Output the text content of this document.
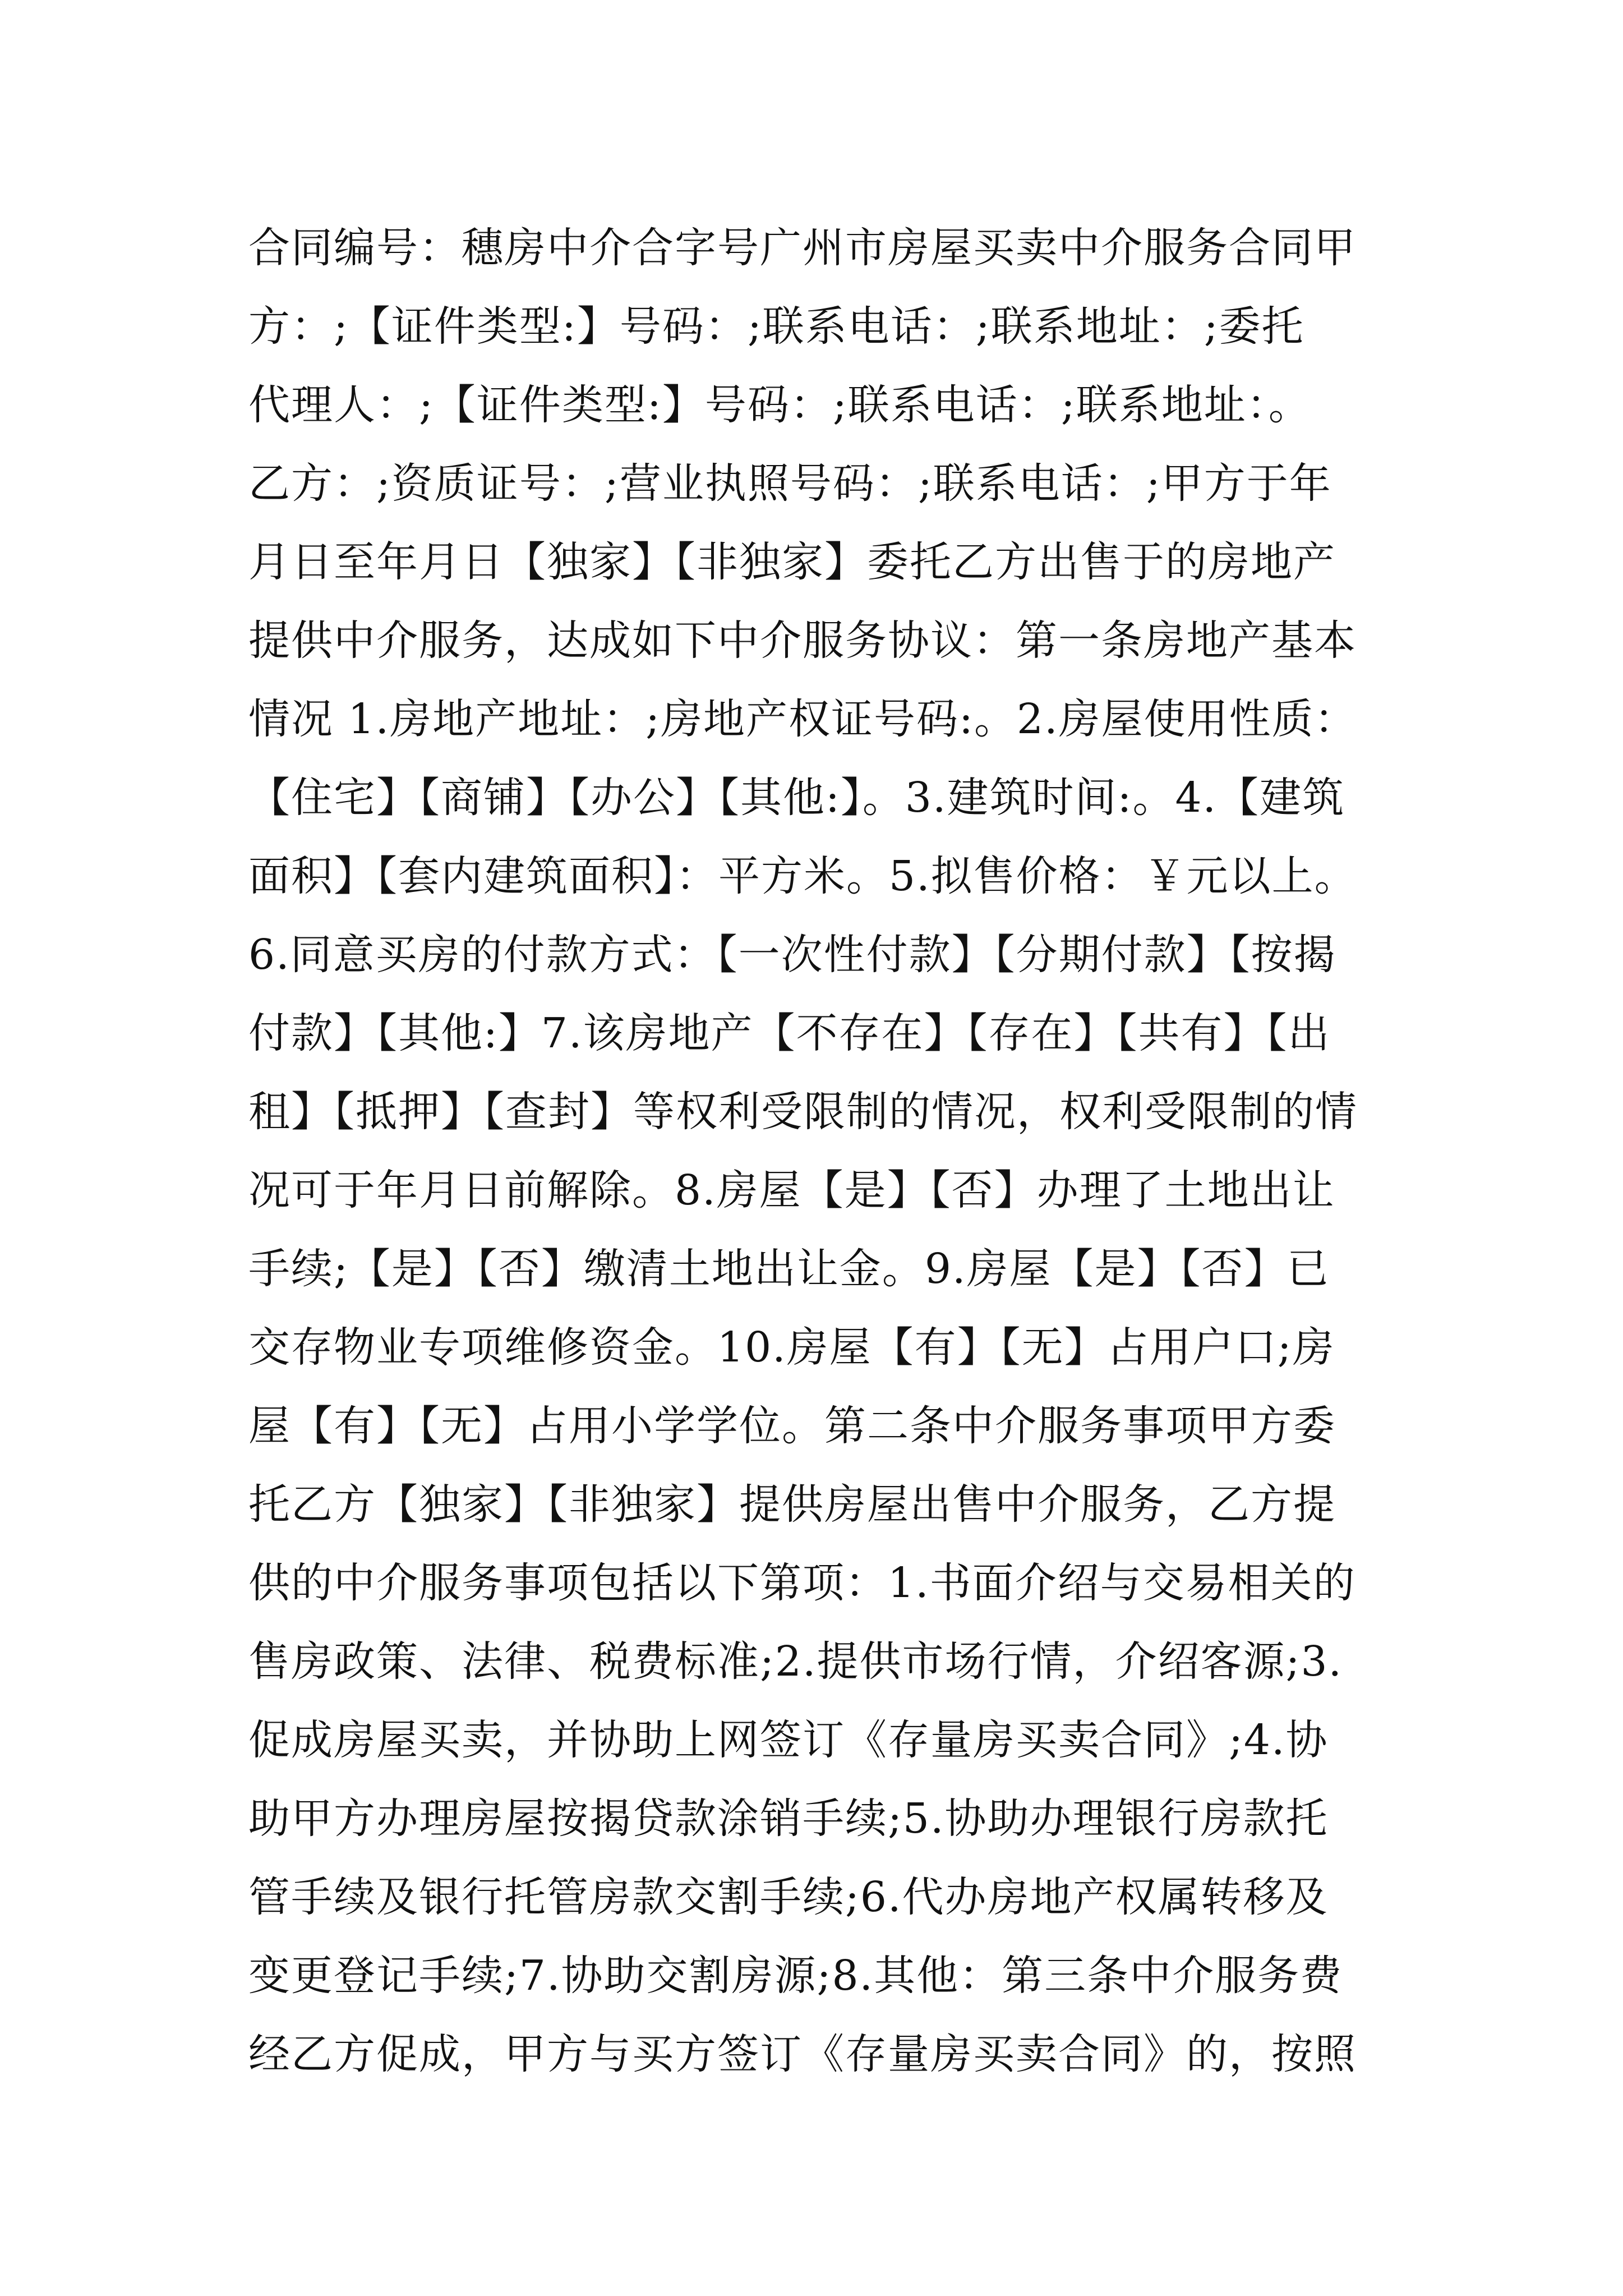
合同编号：穗房中介合字号广州市房屋买卖中介服务合同甲
方：;【证件类型:】号码：;联系电话：;联系地址：;委托
代理人：;【证件类型:】号码：;联系电话：;联系地址：。
乙方：;资质证号：;营业执照号码：;联系电话：;甲方于年
月日至年月日【独家】【非独家】委托乙方出售于的房地产
提供中介服务，达成如下中介服务协议：第一条房地产基本
情况 1.房地产地址：;房地产权证号码:。2.房屋使用性质：
【住宅】【商铺】【办公】【其他:】。3.建筑时间:。4.【建筑
面积】【套内建筑面积】：平方米。5.拟售价格：￥元以上。
6.同意买房的付款方式：【一次性付款】【分期付款】【按揭
付款】【其他:】7.该房地产【不存在】【存在】【共有】【出
租】【抵押】【查封】等权利受限制的情况，权利受限制的情
况可于年月日前解除。8.房屋【是】【否】办理了土地出让
手续;【是】【否】缴清土地出让金。9.房屋【是】【否】已
交存物业专项维修资金。10.房屋【有】【无】占用户口;房
屋【有】【无】占用小学学位。第二条中介服务事项甲方委
托乙方【独家】【非独家】提供房屋出售中介服务，乙方提
供的中介服务事项包括以下第项：1.书面介绍与交易相关的
售房政策、法律、税费标准;2.提供市场行情，介绍客源;3.
促成房屋买卖，并协助上网签订《存量房买卖合同》;4.协
助甲方办理房屋按揭贷款涂销手续;5.协助办理银行房款托
管手续及银行托管房款交割手续;6.代办房地产权属转移及
变更登记手续;7.协助交割房源;8.其他：第三条中介服务费
经乙方促成，甲方与买方签订《存量房买卖合同》的，按照
